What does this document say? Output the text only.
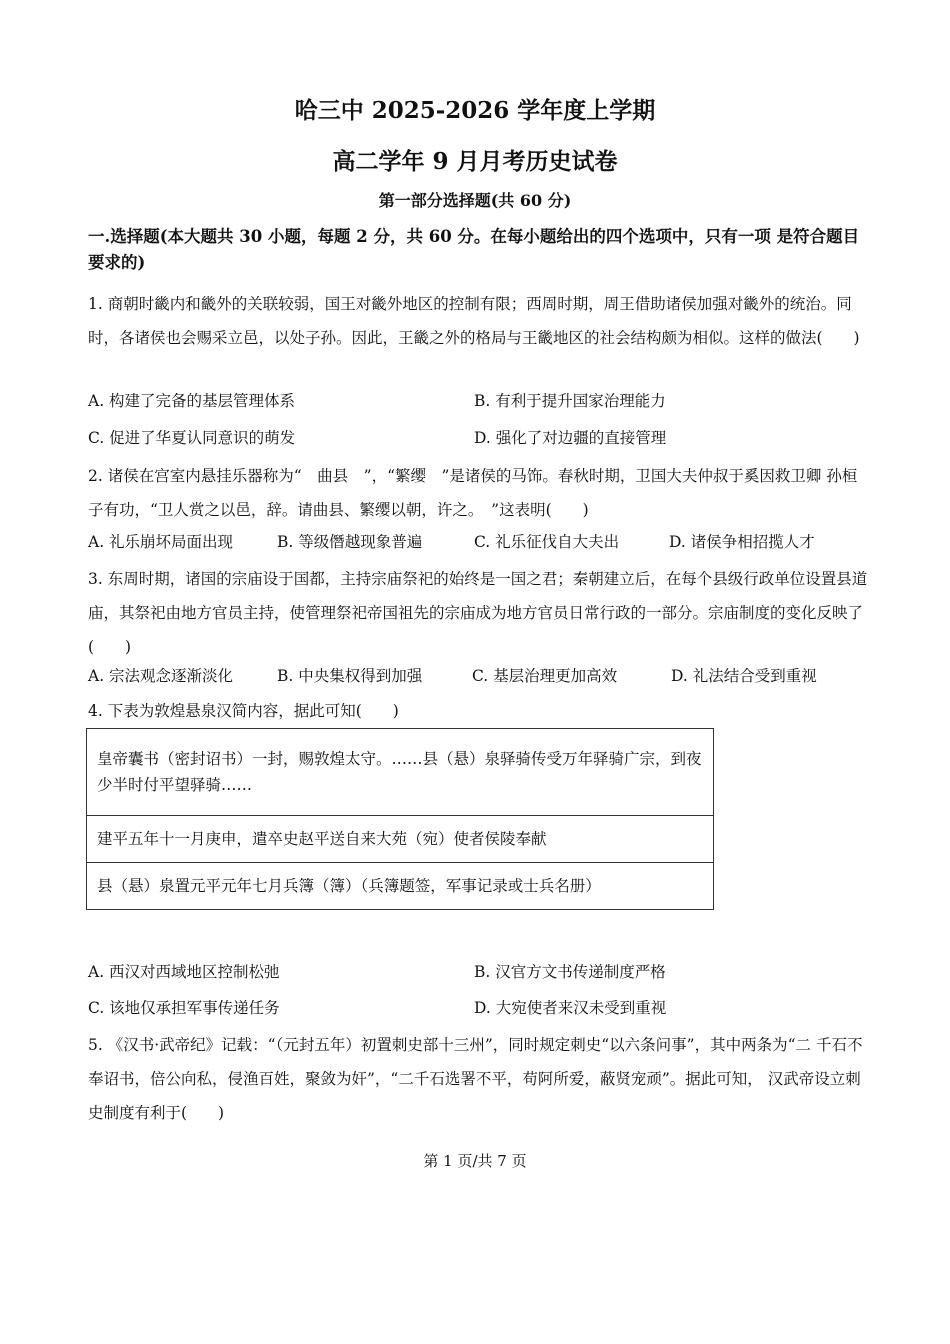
哈三中 2025-2026 学年度上学期
高二学年 9 月月考历史试卷
第一部分选择题(共 60 分)
一.选择题(本大题共 30 小题，每题 2 分，共 60 分。在每小题给出的四个选项中，只有一项 是符合题目要求的)
1. 商朝时畿内和畿外的关联较弱，国王对畿外地区的控制有限；西周时期，周王借助诸侯加强对畿外的统治。同时，各诸侯也会赐采立邑，以处子孙。因此，王畿之外的格局与王畿地区的社会结构颇为相似。这样的做法(　　)
A. 构建了完备的基层管理体系	B. 有利于提升国家治理能力
C. 促进了华夏认同意识的萌发	D. 强化了对边疆的直接管理
2. 诸侯在宫室内悬挂乐器称为“　曲县　”，“繁缨　”是诸侯的马饰。春秋时期，卫国大夫仲叔于奚因救卫卿 孙桓子有功，“卫人赏之以邑，辞。请曲县、繁缨以朝，许之。　”这表明(　　)
A. 礼乐崩坏局面出现	B. 等级僭越现象普遍	C. 礼乐征伐自大夫出	D. 诸侯争相招揽人才
3. 东周时期，诸国的宗庙设于国都，主持宗庙祭祀的始终是一国之君；秦朝建立后，在每个县级行政单位设置县道庙，其祭祀由地方官员主持，使管理祭祀帝国祖先的宗庙成为地方官员日常行政的一部分。宗庙制度的变化反映了(　　)
A. 宗法观念逐渐淡化	B. 中央集权得到加强	C. 基层治理更加高效	D. 礼法结合受到重视
4. 下表为敦煌悬泉汉简内容，据此可知(　　)
皇帝囊书（密封诏书）一封，赐敦煌太守。……县（悬）泉驿骑传受万年驿骑广宗，到夜少半时付平望驿骑……
建平五年十一月庚申，遣卒史赵平送自来大苑（宛）使者侯陵奉献
县（悬）泉置元平元年七月兵簿（簿）（兵簿题签，军事记录或士兵名册）
A. 西汉对西域地区控制松弛	B. 汉官方文书传递制度严格
C. 该地仅承担军事传递任务	D. 大宛使者来汉未受到重视
5. 《汉书·武帝纪》记载：“（元封五年）初置刺史部十三州”，同时规定刺史“以六条问事”，其中两条为“二 千石不奉诏书，倍公向私，侵渔百姓，聚敛为奸”，“二千石选署不平，苟阿所爱，蔽贤宠顽”。据此可知， 汉武帝设立刺史制度有利于(　　)
第 1 页/共 7 页
